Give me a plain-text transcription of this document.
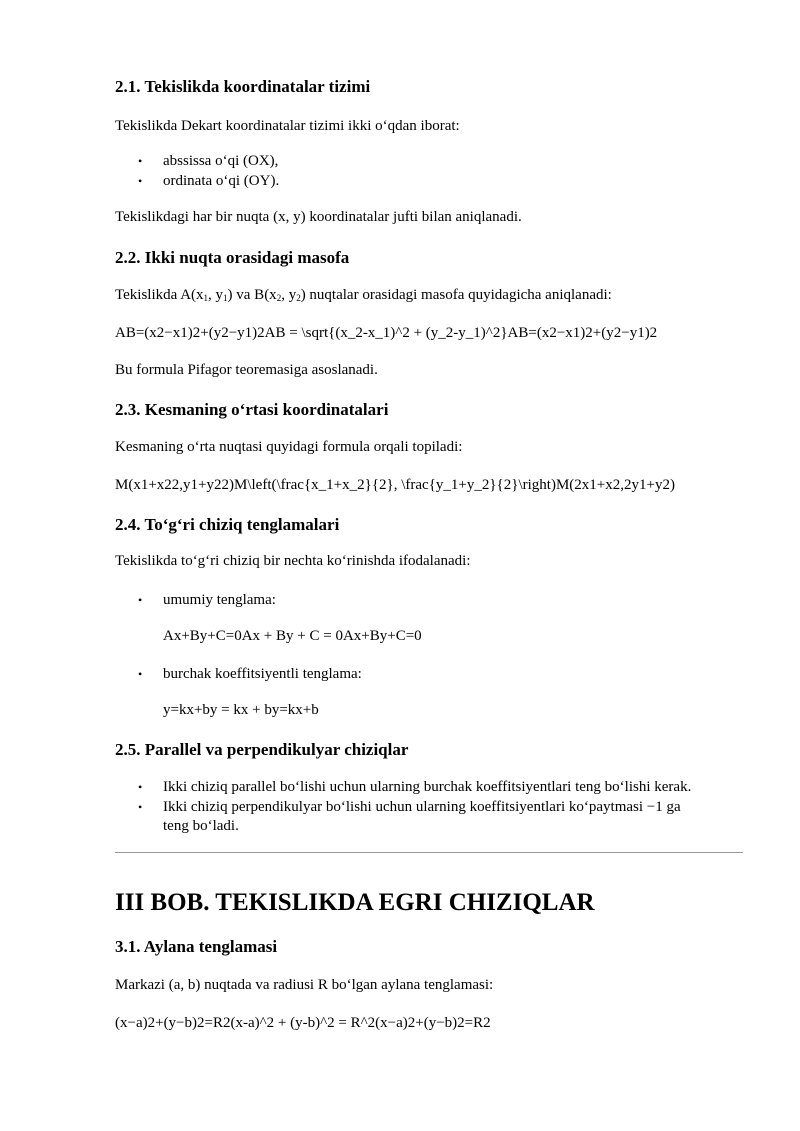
2.1. Tekislikda koordinatalar tizimi

Tekislikda Dekart koordinatalar tizimi ikki o‘qdan iborat:

• abssissa o‘qi (OX),
• ordinata o‘qi (OY).

Tekislikdagi har bir nuqta (x, y) koordinatalar jufti bilan aniqlanadi.

2.2. Ikki nuqta orasidagi masofa

Tekislikda $A(x_1$, $y_1$) va $B(x_2$, $y_2$) nuqtalar orasidagi masofa quyidagicha aniqlanadi:

AB=(x2−x1)2+(y2−y1)2AB = \sqrt{(x_2-x_1)^2 + (y_2-y_1)^2}AB=(x2−x1)2+(y2−y1)2

Bu formula Pifagor teoremasiga asoslanadi.

2.3. Kesmaning o‘rtasi koordinatalari

Kesmaning o‘rta nuqtasi quyidagi formula orqali topiladi:

M(x1+x22,y1+y22)M\left(\frac{x_1+x_2}{2}, \frac{y_1+y_2}{2}\right)M(2x1+x2,2y1+y2)

2.4. To‘g‘ri chiziq tenglamalari

Tekislikda to‘g‘ri chiziq bir nechta ko‘rinishda ifodalanadi:

• umumiy tenglama:

Ax+By+C=0Ax + By + C = 0Ax+By+C=0

• burchak koeffitsiyentli tenglama:

y=kx+by = kx + by=kx+b

2.5. Parallel va perpendikulyar chiziqlar
• Ikki chiziq parallel bo‘lishi uchun ularning burchak koeffitsiyentlari teng bo‘lishi kerak.
• Ikki chiziq perpendikulyar bo‘lishi uchun ularning koeffitsiyentlari ko‘paytmasi −1 ga
teng bo‘ladi.
III BOB. TEKISLIKDA EGRI CHIZIQLAR
3.1. Aylana tenglamasi

Markazi (a, b) nuqtada va radiusi R bo‘lgan aylana tenglamasi:

(x−a)2+(y−b)2=R2(x-a)^2 + (y-b)^2 = R^2(x−a)2+(y−b)2=R2
